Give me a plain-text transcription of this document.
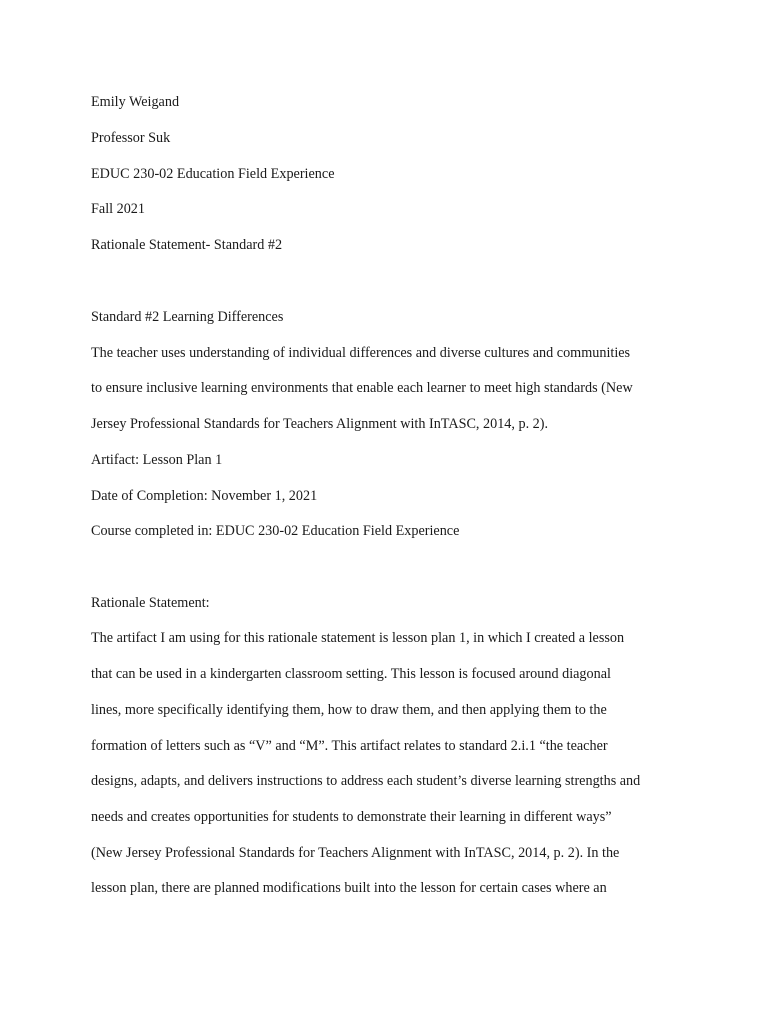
Emily Weigand

Professor Suk

EDUC 230-02 Education Field Experience

Fall 2021

Rationale Statement- Standard #2

Standard #2 Learning Differences

The teacher uses understanding of individual differences and diverse cultures and communities

to ensure inclusive learning environments that enable each learner to meet high standards (New

Jersey Professional Standards for Teachers Alignment with InTASC, 2014, p. 2).

Artifact: Lesson Plan 1

Date of Completion: November 1, 2021

Course completed in: EDUC 230-02 Education Field Experience

Rationale Statement:

The artifact I am using for this rationale statement is lesson plan 1, in which I created a lesson

that can be used in a kindergarten classroom setting. This lesson is focused around diagonal

lines, more specifically identifying them, how to draw them, and then applying them to the

formation of letters such as “V” and “M”. This artifact relates to standard 2.i.1 “the teacher

designs, adapts, and delivers instructions to address each student’s diverse learning strengths and

needs and creates opportunities for students to demonstrate their learning in different ways”

(New Jersey Professional Standards for Teachers Alignment with InTASC, 2014, p. 2). In the

lesson plan, there are planned modifications built into the lesson for certain cases where an
